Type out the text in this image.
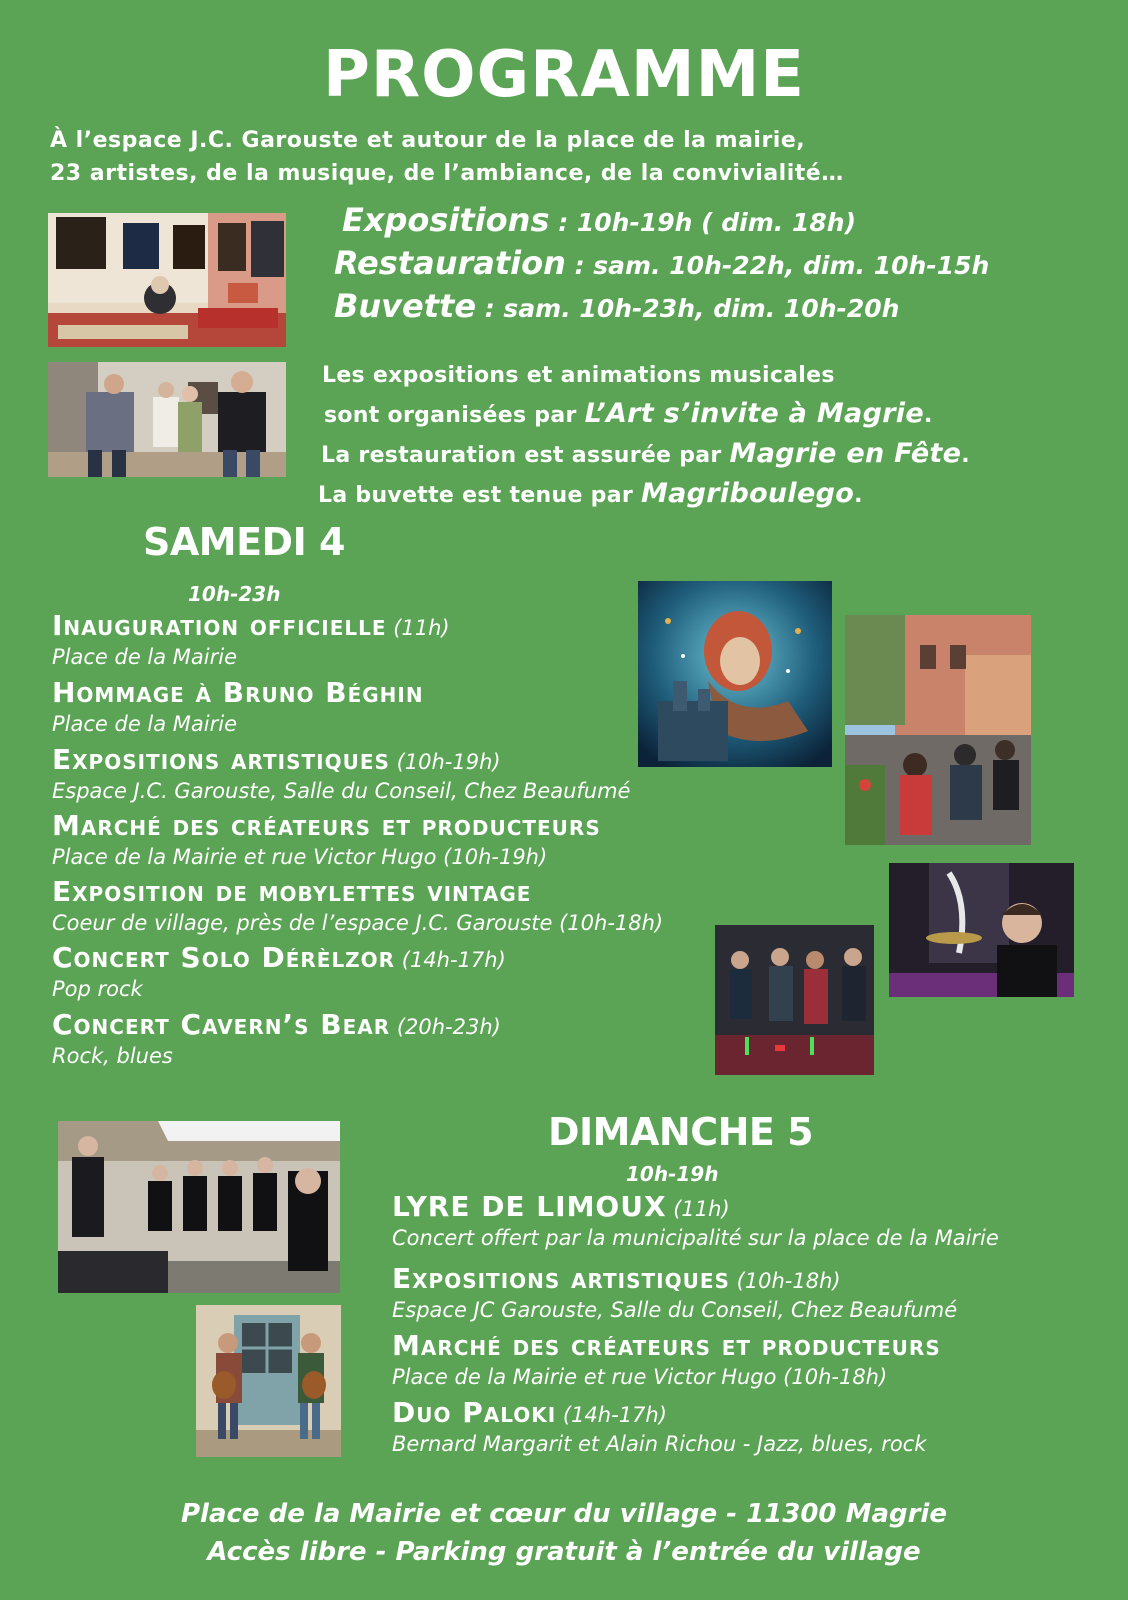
PROGRAMME
À l’espace J.C. Garouste et autour de la place de la mairie,
23 artistes, de la musique, de l’ambiance, de la convivialité…
Expositions : 10h-19h ( dim. 18h)
Restauration : sam. 10h-22h, dim. 10h-15h
Buvette : sam. 10h-23h, dim. 10h-20h
Les expositions et animations musicales
sont organisées par L’Art s’invite à Magrie.
La restauration est assurée par Magrie en Fête.
La buvette est tenue par Magriboulego.
SAMEDI 4
10h-23h
Inauguration officielle (11h)
Place de la Mairie
Hommage à Bruno Béghin
Place de la Mairie
Expositions artistiques (10h-19h)
Espace J.C. Garouste, Salle du Conseil, Chez Beaufumé
Marché des créateurs et producteurs
Place de la Mairie et rue Victor Hugo (10h-19h)
Exposition de mobylettes vintage
Coeur de village, près de l’espace J.C. Garouste (10h-18h)
Concert Solo Dérèlzor (14h-17h)
Pop rock
Concert Cavern’s Bear (20h-23h)
Rock, blues
DIMANCHE 5
10h-19h
LYRE DE LIMOUX (11h)
Concert offert par la municipalité sur la place de la Mairie
Expositions artistiques (10h-18h)
Espace JC Garouste, Salle du Conseil, Chez Beaufumé
Marché des créateurs et producteurs
Place de la Mairie et rue Victor Hugo (10h-18h)
Duo Paloki (14h-17h)
Bernard Margarit et Alain Richou - Jazz, blues, rock
Place de la Mairie et cœur du village - 11300 Magrie
Accès libre - Parking gratuit à l’entrée du village
